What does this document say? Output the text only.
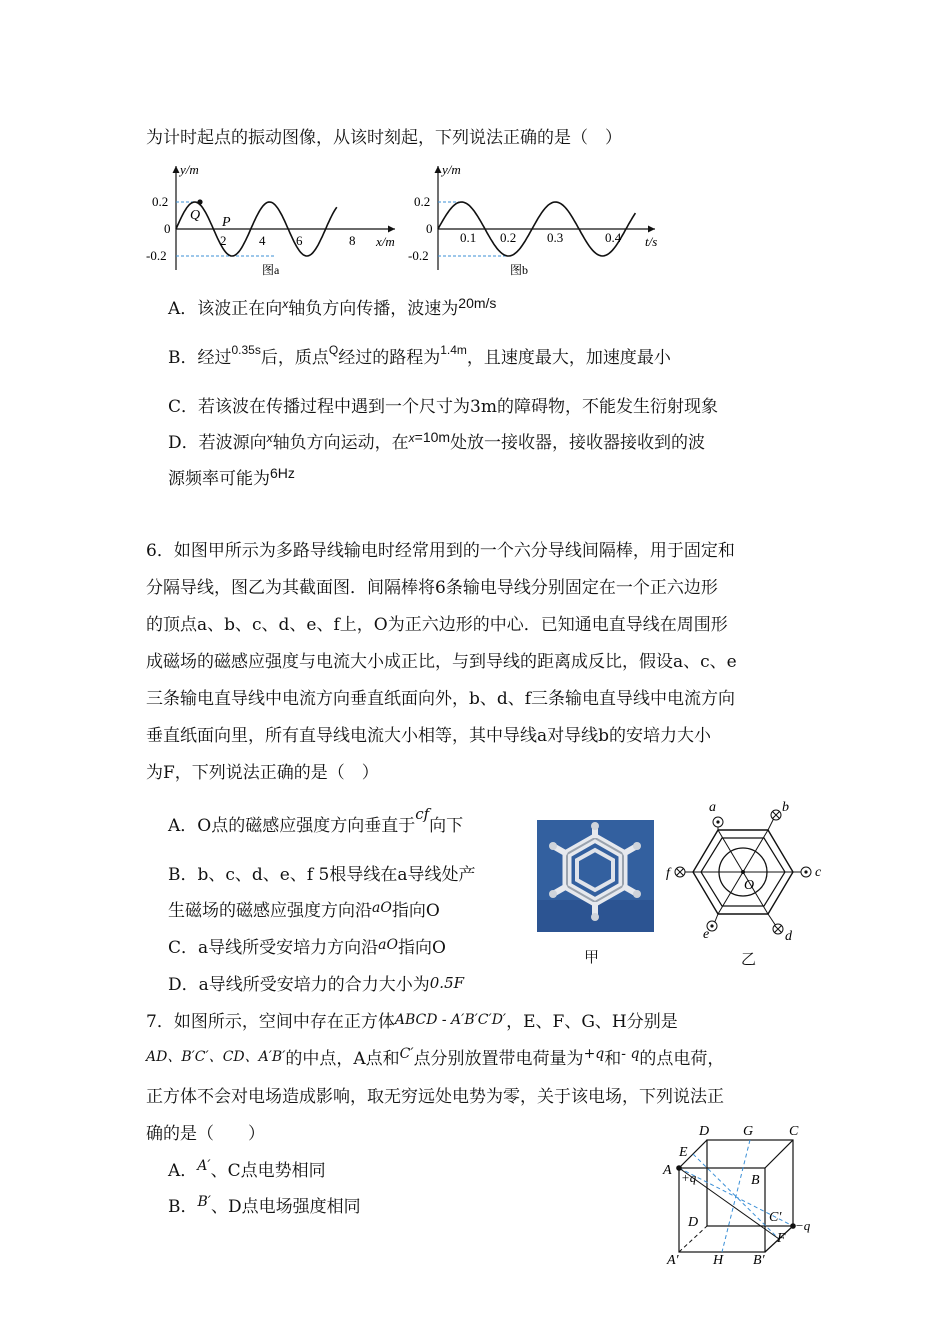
为计时起点的振动图像，从该时刻起，下列说法正确的是（　）
y/m
x/m
0.2
0
-0.2
2	4 6	8
Q P
图a
y/m
t/s
0.2
0
-0.2
0.1 0.2 0.3	0.4
图b
A．该波正在向$^x$轴负方向传播，波速为$^{20m/s}$
B．经过$^{0.35s}$后，质点$^Q$经过的路程为$^{1.4m}$，且速度最大，加速度最小
C．若该波在传播过程中遇到一个尺寸为3m的障碍物，不能发生衍射现象
D．若波源向$^x$轴负方向运动，在$^{x=10m}$处放一接收器，接收器接收到的波
源频率可能为$^{6Hz}$
6．如图甲所示为多路导线输电时经常用到的一个六分导线间隔棒，用于固定和
分隔导线，图乙为其截面图．间隔棒将6条输电导线分别固定在一个正六边形
的顶点a、b、c、d、e、f上，O为正六边形的中心．已知通电直导线在周围形
成磁场的磁感应强度与电流大小成正比，与到导线的距离成反比，假设a、c、e
三条输电直导线中电流方向垂直纸面向外，b、d、f三条输电直导线中电流方向
垂直纸面向里，所有直导线电流大小相等，其中导线a对导线b的安培力大小
为F，下列说法正确的是（　）
A．O点的磁感应强度方向垂直于cf向下
B．b、c、d、e、f 5根导线在a导线处产
生磁场的磁感应强度方向沿$^{aO}$指向O
C．a导线所受安培力方向沿$^{aO}$指向O
D．a导线所受安培力的合力大小为0.5F
甲
a	b
c
d
e
f
O
乙
7．如图所示，空间中存在正方体ABCD - A′B′C′D′，E、F、G、H分别是
AD、B′C′、CD、A′B′的中点，A点和$^{C'}$点分别放置带电荷量为$^{+q}$和$^{- q}$的点电荷，
正方体不会对电场造成影响，取无穷远处电势为零，关于该电场，下列说法正
确的是（　　）
A．$^{A'}$、C点电势相同
B．$^{B'}$、D点电场强度相同
D G	C
E
A +q	B
D	C′
−q
F
A′ H B′
